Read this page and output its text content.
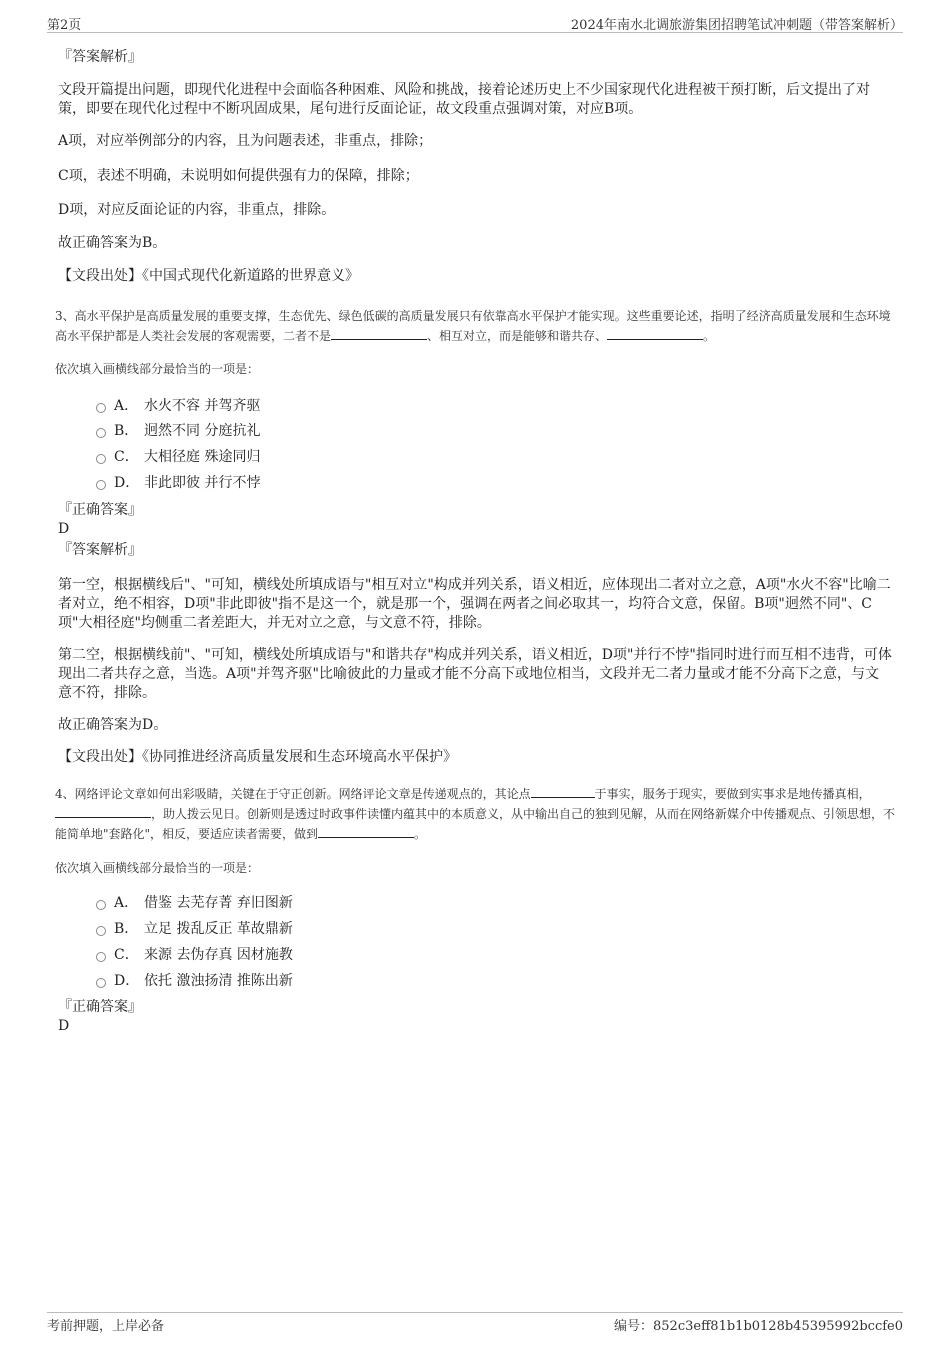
第2页	2024年南水北调旅游集团招聘笔试冲刺题（带答案解析）
『答案解析』
文段开篇提出问题，即现代化进程中会面临各种困难、风险和挑战，接着论述历史上不少国家现代化进程被干预打断，后文提出了对策，即要在现代化过程中不断巩固成果，尾句进行反面论证，故文段重点强调对策，对应B项。
A项，对应举例部分的内容，且为问题表述，非重点，排除；
C项，表述不明确，未说明如何提供强有力的保障，排除；
D项，对应反面论证的内容，非重点，排除。
故正确答案为B。
【文段出处】《中国式现代化新道路的世界意义》
3、高水平保护是高质量发展的重要支撑，生态优先、绿色低碳的高质量发展只有依靠高水平保护才能实现。这些重要论述，指明了经济高质量发展和生态环境高水平保护都是人类社会发展的客观需要，二者不是	、相互对立，而是能够和谐共存、	。
依次填入画横线部分最恰当的一项是：
A． 水火不容 并驾齐驱
B． 迥然不同 分庭抗礼
C． 大相径庭 殊途同归
D． 非此即彼 并行不悖
『正确答案』
D
『答案解析』
第一空，根据横线后"、"可知，横线处所填成语与"相互对立"构成并列关系，语义相近，应体现出二者对立之意，A项"水火不容"比喻二者对立，绝不相容，D项"非此即彼"指不是这一个，就是那一个，强调在两者之间必取其一，均符合文意，保留。B项"迥然不同"、C项"大相径庭"均侧重二者差距大，并无对立之意，与文意不符，排除。
第二空，根据横线前"、"可知，横线处所填成语与"和谐共存"构成并列关系，语义相近，D项"并行不悖"指同时进行而互相不违背，可体现出二者共存之意，当选。A项"并驾齐驱"比喻彼此的力量或才能不分高下或地位相当，文段并无二者力量或才能不分高下之意，与文意不符，排除。
故正确答案为D。
【文段出处】《协同推进经济高质量发展和生态环境高水平保护》
4、网络评论文章如何出彩吸睛，关键在于守正创新。网络评论文章是传递观点的，其论点	于事实，服务于现实，要做到实事求是地传播真相，，助人拨云见日。创新则是透过时政事件读懂内蕴其中的本质意义，从中输出自己的独到见解，从而在网络新媒介中传播观点、引领思想，不能简单地"套路化"，相反，要适应读者需要，做到	。
依次填入画横线部分最恰当的一项是：
A． 借鉴 去芜存菁 弃旧图新
B． 立足 拨乱反正 革故鼎新
C． 来源 去伪存真 因材施教
D． 依托 激浊扬清 推陈出新
『正确答案』
D
考前押题，上岸必备	编号：852c3eff81b1b0128b45395992bccfe0
